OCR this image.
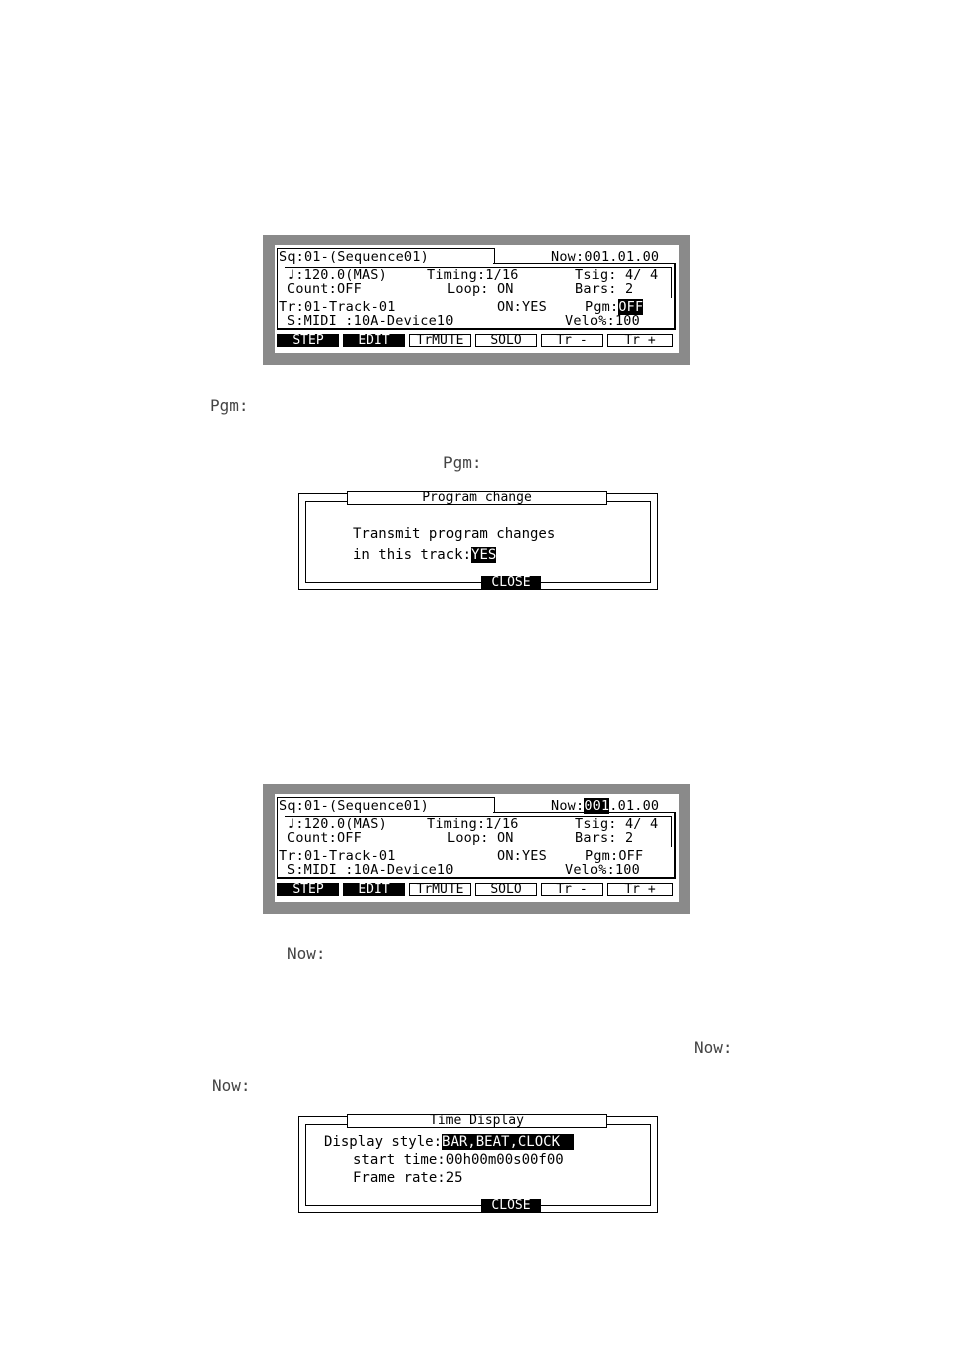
Sq:01-(Sequence01)	Now:001.01.00
♩:120.0(MAS)	Timing:1/16	Tsig: 4/ 4
Count:OFF	Loop: ON	Bars: 2
Tr:01-Track-01	ON:YES	Pgm:OFF
S:MIDI :10A-Device10	Velo%:100
STEP	EDIT	TrMUTE	SOLO	Tr -	Tr +
Pgm:
Pgm:
Program change
Transmit program changes
in this track:YES
CLOSE
Sq:01-(Sequence01)	Now:001.01.00
♩:120.0(MAS)	Timing:1/16	Tsig: 4/ 4
Count:OFF	Loop: ON	Bars: 2
Tr:01-Track-01	ON:YES	Pgm:OFF
S:MIDI :10A-Device10	Velo%:100
STEP	EDIT	TrMUTE	SOLO	Tr -	Tr +
Now:
Now:
Now:
Time Display
Display style:BAR,BEAT,CLOCK
start time:00h00m00s00f00
Frame rate:25
CLOSE
